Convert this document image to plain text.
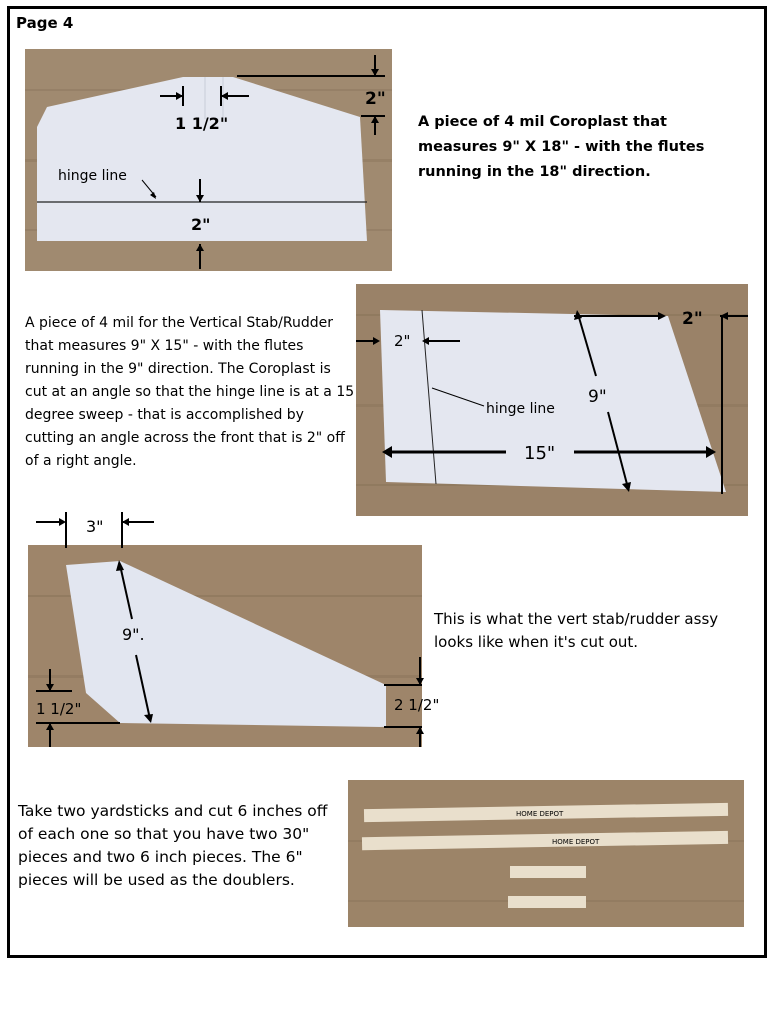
Page 4
1 1/2"
2"
hinge line
2"
A piece of 4 mil Coroplast that measures 9" X 18" - with the flutes running in the 18" direction.
A piece of 4 mil for the Vertical Stab/Rudder that measures 9" X 15" - with the flutes running in the 9" direction. The Coroplast is cut at an angle so that the hinge line is at a 15 degree sweep - that is accomplished by cutting an angle across the front that is 2" off of a right angle.
2"
hinge line
2"
9"
15"
9".
1 1/2"	2 1/2"
3"
This is what the vert stab/rudder assy looks like when it's cut out.
Take two yardsticks and cut 6 inches off of each one so that you have two 30" pieces and two 6 inch pieces. The 6" pieces will be used as the doublers.
HOME DEPOT
HOME DEPOT
